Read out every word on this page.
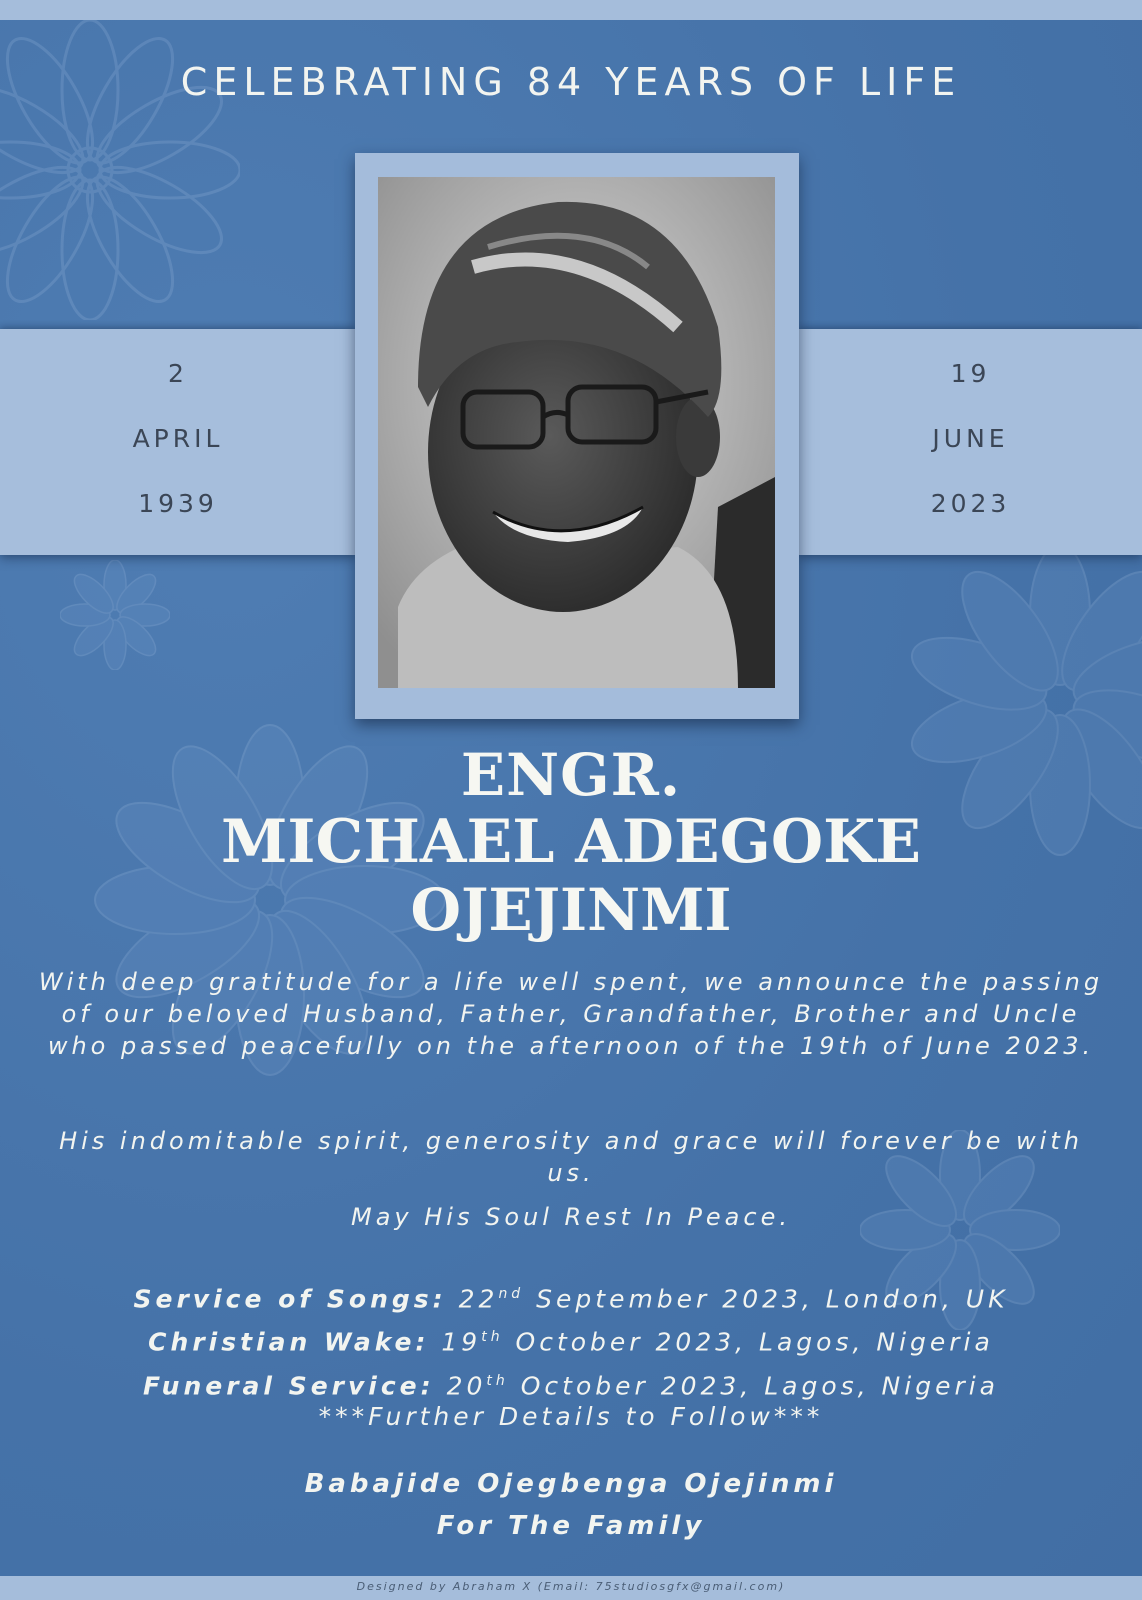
CELEBRATING 84 YEARS OF LIFE
2
APRIL
1939
19
JUNE
2023
ENGR.
MICHAEL ADEGOKE
OJEJINMI
With deep gratitude for a life well spent, we announce the passing of our beloved Husband, Father, Grandfather, Brother and Uncle who passed peacefully on the afternoon of the 19th of June 2023.
His indomitable spirit, generosity and grace will forever be with us.
May His Soul Rest In Peace.
Service of Songs: 22nd September 2023, London, UK
Christian Wake: 19th October 2023, Lagos, Nigeria
Funeral Service: 20th October 2023, Lagos, Nigeria
***Further Details to Follow***
Babajide Ojegbenga Ojejinmi
For The Family
Designed by Abraham X (Email: 75studiosgfx@gmail.com)
